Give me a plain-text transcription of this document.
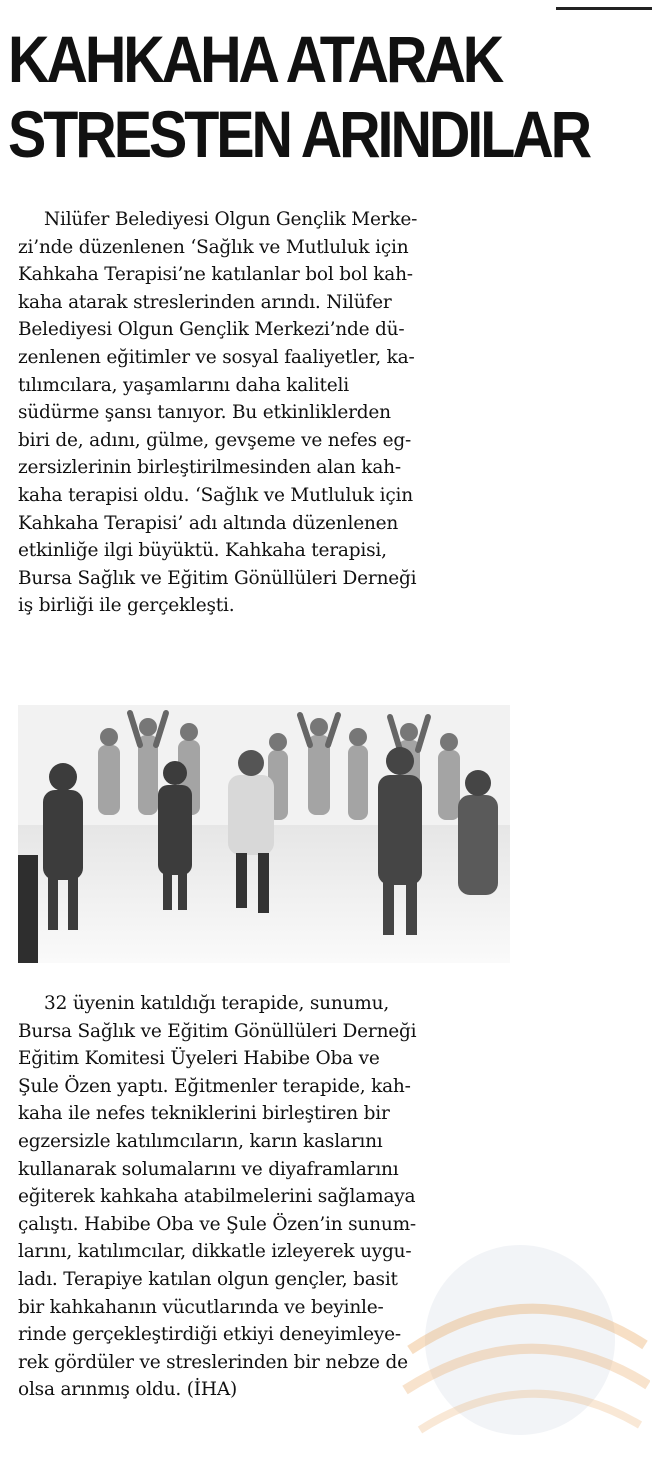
KAHKAHA ATARAK
STRESTEN ARINDILAR
Nilüfer Belediyesi Olgun Gençlik Merke-
zi’nde düzenlenen ‘Sağlık ve Mutluluk için
Kahkaha Terapisi’ne katılanlar bol bol kah-
kaha atarak streslerinden arındı. Nilüfer
Belediyesi Olgun Gençlik Merkezi’nde dü-
zenlenen eğitimler ve sosyal faaliyetler, ka-
tılımcılara, yaşamlarını daha kaliteli
südürme şansı tanıyor. Bu etkinliklerden
biri de, adını, gülme, gevşeme ve nefes eg-
zersizlerinin birleştirilmesinden alan kah-
kaha terapisi oldu. ‘Sağlık ve Mutluluk için
Kahkaha Terapisi’ adı altında düzenlenen
etkinliğe ilgi büyüktü. Kahkaha terapisi,
Bursa Sağlık ve Eğitim Gönüllüleri Derneği
iş birliği ile gerçekleşti.
32 üyenin katıldığı terapide, sunumu,
Bursa Sağlık ve Eğitim Gönüllüleri Derneği
Eğitim Komitesi Üyeleri Habibe Oba ve
Şule Özen yaptı. Eğitmenler terapide, kah-
kaha ile nefes tekniklerini birleştiren bir
egzersizle katılımcıların, karın kaslarını
kullanarak solumalarını ve diyaframlarını
eğiterek kahkaha atabilmelerini sağlamaya
çalıştı. Habibe Oba ve Şule Özen’in sunum-
larını, katılımcılar, dikkatle izleyerek uygu-
ladı. Terapiye katılan olgun gençler, basit
bir kahkahanın vücutlarında ve beyinle-
rinde gerçekleştirdiği etkiyi deneyimleye-
rek gördüler ve streslerinden bir nebze de
olsa arınmış oldu. (İHA)
